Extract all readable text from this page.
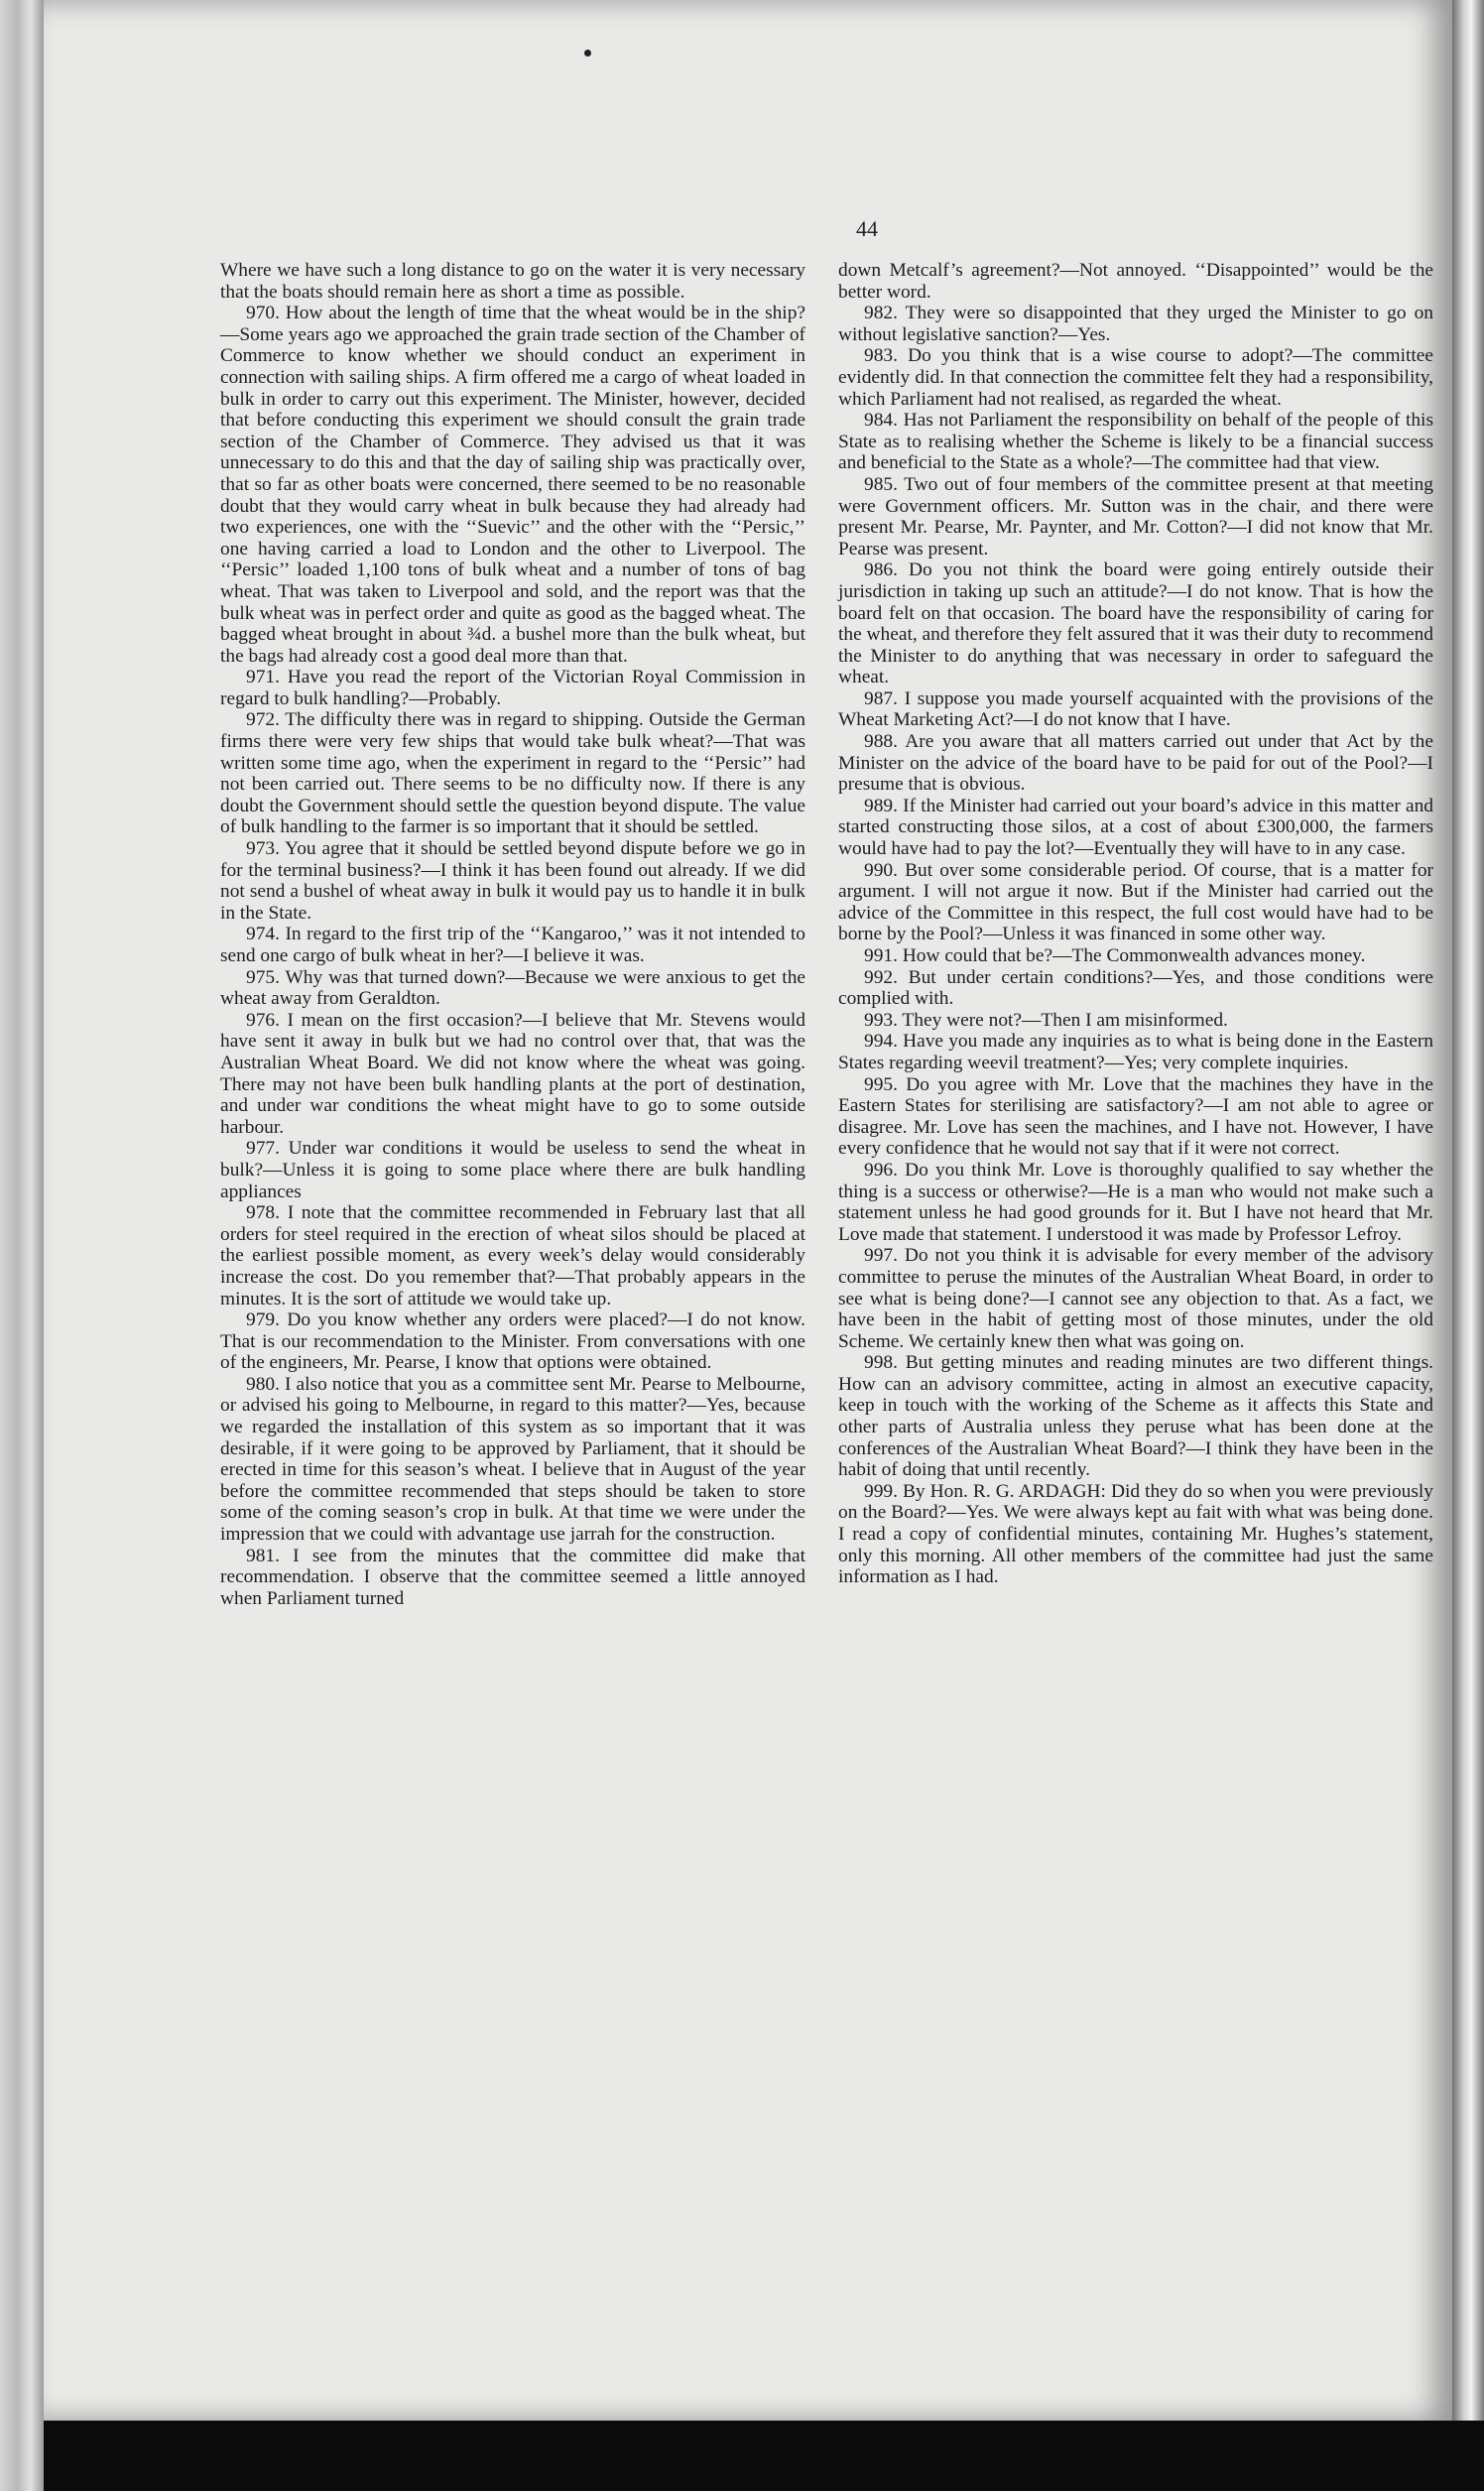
44

Where we have such a long distance to go on the water it is very necessary that the boats should remain here as short a time as possible.

970. How about the length of time that the wheat would be in the ship?—Some years ago we approached the grain trade section of the Chamber of Commerce to know whether we should conduct an experiment in connection with sailing ships. A firm offered me a cargo of wheat loaded in bulk in order to carry out this experiment. The Minister, however, decided that before conducting this experiment we should consult the grain trade section of the Chamber of Commerce. They advised us that it was unnecessary to do this and that the day of sailing ship was practically over, that so far as other boats were concerned, there seemed to be no reasonable doubt that they would carry wheat in bulk because they had already had two experiences, one with the ‘‘Suevic’’ and the other with the ‘‘Persic,’’ one having carried a load to London and the other to Liverpool. The ‘‘Persic’’ loaded 1,100 tons of bulk wheat and a number of tons of bag wheat. That was taken to Liverpool and sold, and the report was that the bulk wheat was in perfect order and quite as good as the bagged wheat. The bagged wheat brought in about ¾d. a bushel more than the bulk wheat, but the bags had already cost a good deal more than that.

971. Have you read the report of the Victorian Royal Commission in regard to bulk handling?—Probably.

972. The difficulty there was in regard to shipping. Outside the German firms there were very few ships that would take bulk wheat?—That was written some time ago, when the experiment in regard to the ‘‘Persic’’ had not been carried out. There seems to be no difficulty now. If there is any doubt the Government should settle the question beyond dispute. The value of bulk handling to the farmer is so important that it should be settled.

973. You agree that it should be settled beyond dispute before we go in for the terminal business?—I think it has been found out already. If we did not send a bushel of wheat away in bulk it would pay us to handle it in bulk in the State.

974. In regard to the first trip of the ‘‘Kangaroo,’’ was it not intended to send one cargo of bulk wheat in her?—I believe it was.

975. Why was that turned down?—Because we were anxious to get the wheat away from Geraldton.

976. I mean on the first occasion?—I believe that Mr. Stevens would have sent it away in bulk but we had no control over that, that was the Australian Wheat Board. We did not know where the wheat was going. There may not have been bulk handling plants at the port of destination, and under war conditions the wheat might have to go to some outside harbour.

977. Under war conditions it would be useless to send the wheat in bulk?—Unless it is going to some place where there are bulk handling appliances

978. I note that the committee recommended in February last that all orders for steel required in the erection of wheat silos should be placed at the earliest possible moment, as every week’s delay would considerably increase the cost. Do you remember that?—That probably appears in the minutes. It is the sort of attitude we would take up.

979. Do you know whether any orders were placed?—I do not know. That is our recommendation to the Minister. From conversations with one of the engineers, Mr. Pearse, I know that options were obtained.

980. I also notice that you as a committee sent Mr. Pearse to Melbourne, or advised his going to Melbourne, in regard to this matter?—Yes, because we regarded the installation of this system as so important that it was desirable, if it were going to be approved by Parliament, that it should be erected in time for this season’s wheat. I believe that in August of the year before the committee recommended that steps should be taken to store some of the coming season’s crop in bulk. At that time we were under the impression that we could with advantage use jarrah for the construction.

981. I see from the minutes that the committee did make that recommendation. I observe that the committee seemed a little annoyed when Parliament turned

down Metcalf’s agreement?—Not annoyed. ‘‘Disappointed’’ would be the better word.

982. They were so disappointed that they urged the Minister to go on without legislative sanction?—Yes.

983. Do you think that is a wise course to adopt?—The committee evidently did. In that connection the committee felt they had a responsibility, which Parliament had not realised, as regarded the wheat.

984. Has not Parliament the responsibility on behalf of the people of this State as to realising whether the Scheme is likely to be a financial success and beneficial to the State as a whole?—The committee had that view.

985. Two out of four members of the committee present at that meeting were Government officers. Mr. Sutton was in the chair, and there were present Mr. Pearse, Mr. Paynter, and Mr. Cotton?—I did not know that Mr. Pearse was present.

986. Do you not think the board were going entirely outside their jurisdiction in taking up such an attitude?—I do not know. That is how the board felt on that occasion. The board have the responsibility of caring for the wheat, and therefore they felt assured that it was their duty to recommend the Minister to do anything that was necessary in order to safeguard the wheat.

987. I suppose you made yourself acquainted with the provisions of the Wheat Marketing Act?—I do not know that I have.

988. Are you aware that all matters carried out under that Act by the Minister on the advice of the board have to be paid for out of the Pool?—I presume that is obvious.

989. If the Minister had carried out your board’s advice in this matter and started constructing those silos, at a cost of about £300,000, the farmers would have had to pay the lot?—Eventually they will have to in any case.

990. But over some considerable period. Of course, that is a matter for argument. I will not argue it now. But if the Minister had carried out the advice of the Committee in this respect, the full cost would have had to be borne by the Pool?—Unless it was financed in some other way.

991. How could that be?—The Commonwealth advances money.

992. But under certain conditions?—Yes, and those conditions were complied with.

993. They were not?—Then I am misinformed.

994. Have you made any inquiries as to what is being done in the Eastern States regarding weevil treatment?—Yes; very complete inquiries.

995. Do you agree with Mr. Love that the machines they have in the Eastern States for sterilising are satisfactory?—I am not able to agree or disagree. Mr. Love has seen the machines, and I have not. However, I have every confidence that he would not say that if it were not correct.

996. Do you think Mr. Love is thoroughly qualified to say whether the thing is a success or otherwise?—He is a man who would not make such a statement unless he had good grounds for it. But I have not heard that Mr. Love made that statement. I understood it was made by Professor Lefroy.

997. Do not you think it is advisable for every member of the advisory committee to peruse the minutes of the Australian Wheat Board, in order to see what is being done?—I cannot see any objection to that. As a fact, we have been in the habit of getting most of those minutes, under the old Scheme. We certainly knew then what was going on.

998. But getting minutes and reading minutes are two different things. How can an advisory committee, acting in almost an executive capacity, keep in touch with the working of the Scheme as it affects this State and other parts of Australia unless they peruse what has been done at the conferences of the Australian Wheat Board?—I think they have been in the habit of doing that until recently.

999. By Hon. R. G. ARDAGH: Did they do so when you were previously on the Board?—Yes. We were always kept au fait with what was being done. I read a copy of confidential minutes, containing Mr. Hughes’s statement, only this morning. All other members of the committee had just the same information as I had.
